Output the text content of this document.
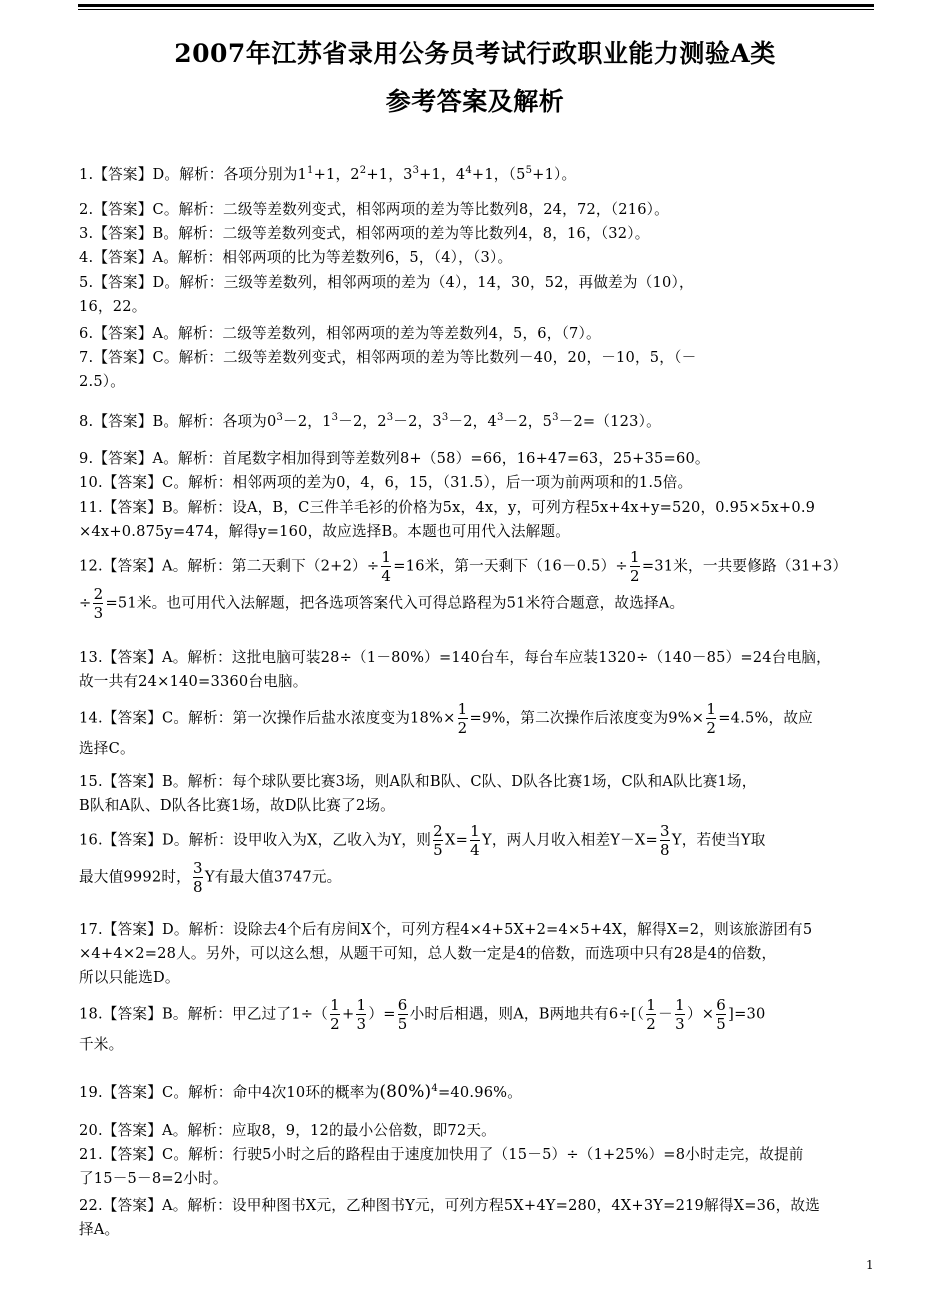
2007年江苏省录用公务员考试行政职业能力测验A类
参考答案及解析
1.【答案】D。解析：各项分别为$1^1+1$，$2^2+1$，$3^3+1$，$4^4+1$，$(5^5+1)$。
2.【答案】C。解析：二级等差数列变式，相邻两项的差为等比数列8，24，72，（216）。
3.【答案】B。解析：二级等差数列变式，相邻两项的差为等比数列4，8，16，（32）。
4.【答案】A。解析：相邻两项的比为等差数列6，5，（4），（3）。
5.【答案】D。解析：三级等差数列，相邻两项的差为（4），14，30，52，再做差为（10），
16，22。
6.【答案】A。解析：二级等差数列，相邻两项的差为等差数列4，5，6，（7）。
7.【答案】C。解析：二级等差数列变式，相邻两项的差为等比数列－40，20，－10，5，（－
2.5）。
8.【答案】B。解析：各项为$0^3-2$，$1^3-2$，$2^3-2$，$3^3-2$，$4^3-2$，$5^3-2=(123)$。
9.【答案】A。解析：首尾数字相加得到等差数列8+（58）=66，16+47=63，25+35=60。
10.【答案】C。解析：相邻两项的差为0，4，6，15，（31.5），后一项为前两项和的1.5倍。
11.【答案】B。解析：设A，B，C三件羊毛衫的价格为5x，4x，y，可列方程5x+4x+y=520，0.95×5x+0.9
×4x+0.875y=474，解得y=160，故应选择B。本题也可用代入法解题。
12.【答案】A。解析：第二天剩下$(2+2)\div \frac{1}{4} =16$米，第一天剩下$(16-0.5)\div \frac{1}{2} =31$米，一共要修路（31+3）
÷ $\frac{2}{3} =51$米。也可用代入法解题，把各选项答案代入可得总路程为51米符合题意，故选择A。
13.【答案】A。解析：这批电脑可装28÷（1－80%）=140台车，每台车应装1320÷（140－85）=24台电脑，
故一共有24×140=3360台电脑。
14.【答案】C。解析：第一次操作后盐水浓度变为$18\%\times \frac{1}{2} =9\%$，第二次操作后浓度变为$9\%\times \frac{1}{2} =4.5\%$，故应
选择C。
15.【答案】B。解析：每个球队要比赛3场，则A队和B队、C队、D队各比赛1场，C队和A队比赛1场，
B队和A队、D队各比赛1场，故D队比赛了2场。
16.【答案】D。解析：设甲收入为X，乙收入为Y，则 $\frac{2}{5} X= \frac{1}{4}$ Y，两人月收入相差$Y-X= \frac{3}{8}$ Y，若使当Y取
最大值9992时， $\frac{3}{8}$ Y有最大值3747元。
17.【答案】D。解析：设除去4个后有房间X个，可列方程4×4+5X+2=4×5+4X，解得X=2，则该旅游团有5
×4+4×2=28人。另外，可以这么想，从题干可知，总人数一定是4的倍数，而选项中只有28是4的倍数，
所以只能选D。
18.【答案】B。解析：甲乙过了$1\div( \frac{1}{2} + \frac{1}{3}$ ）= $\frac{6}{5}$ 小时后相遇，则A，B两地共有$6\div[( \frac{1}{2} - \frac{1}{3}$ ）× $\frac{6}{5} ]=30$
千米。
19.【答案】C。解析：命中4次10环的概率为$(80\%)^4=40.96\%$。
20.【答案】A。解析：应取8，9，12的最小公倍数，即72天。
21.【答案】C。解析：行驶5小时之后的路程由于速度加快用了（15－5）÷（1+25%）=8小时走完，故提前
了15－5－8=2小时。
22.【答案】A。解析：设甲种图书X元，乙种图书Y元，可列方程5X+4Y=280，4X+3Y=219解得X=36，故选
择A。
1
